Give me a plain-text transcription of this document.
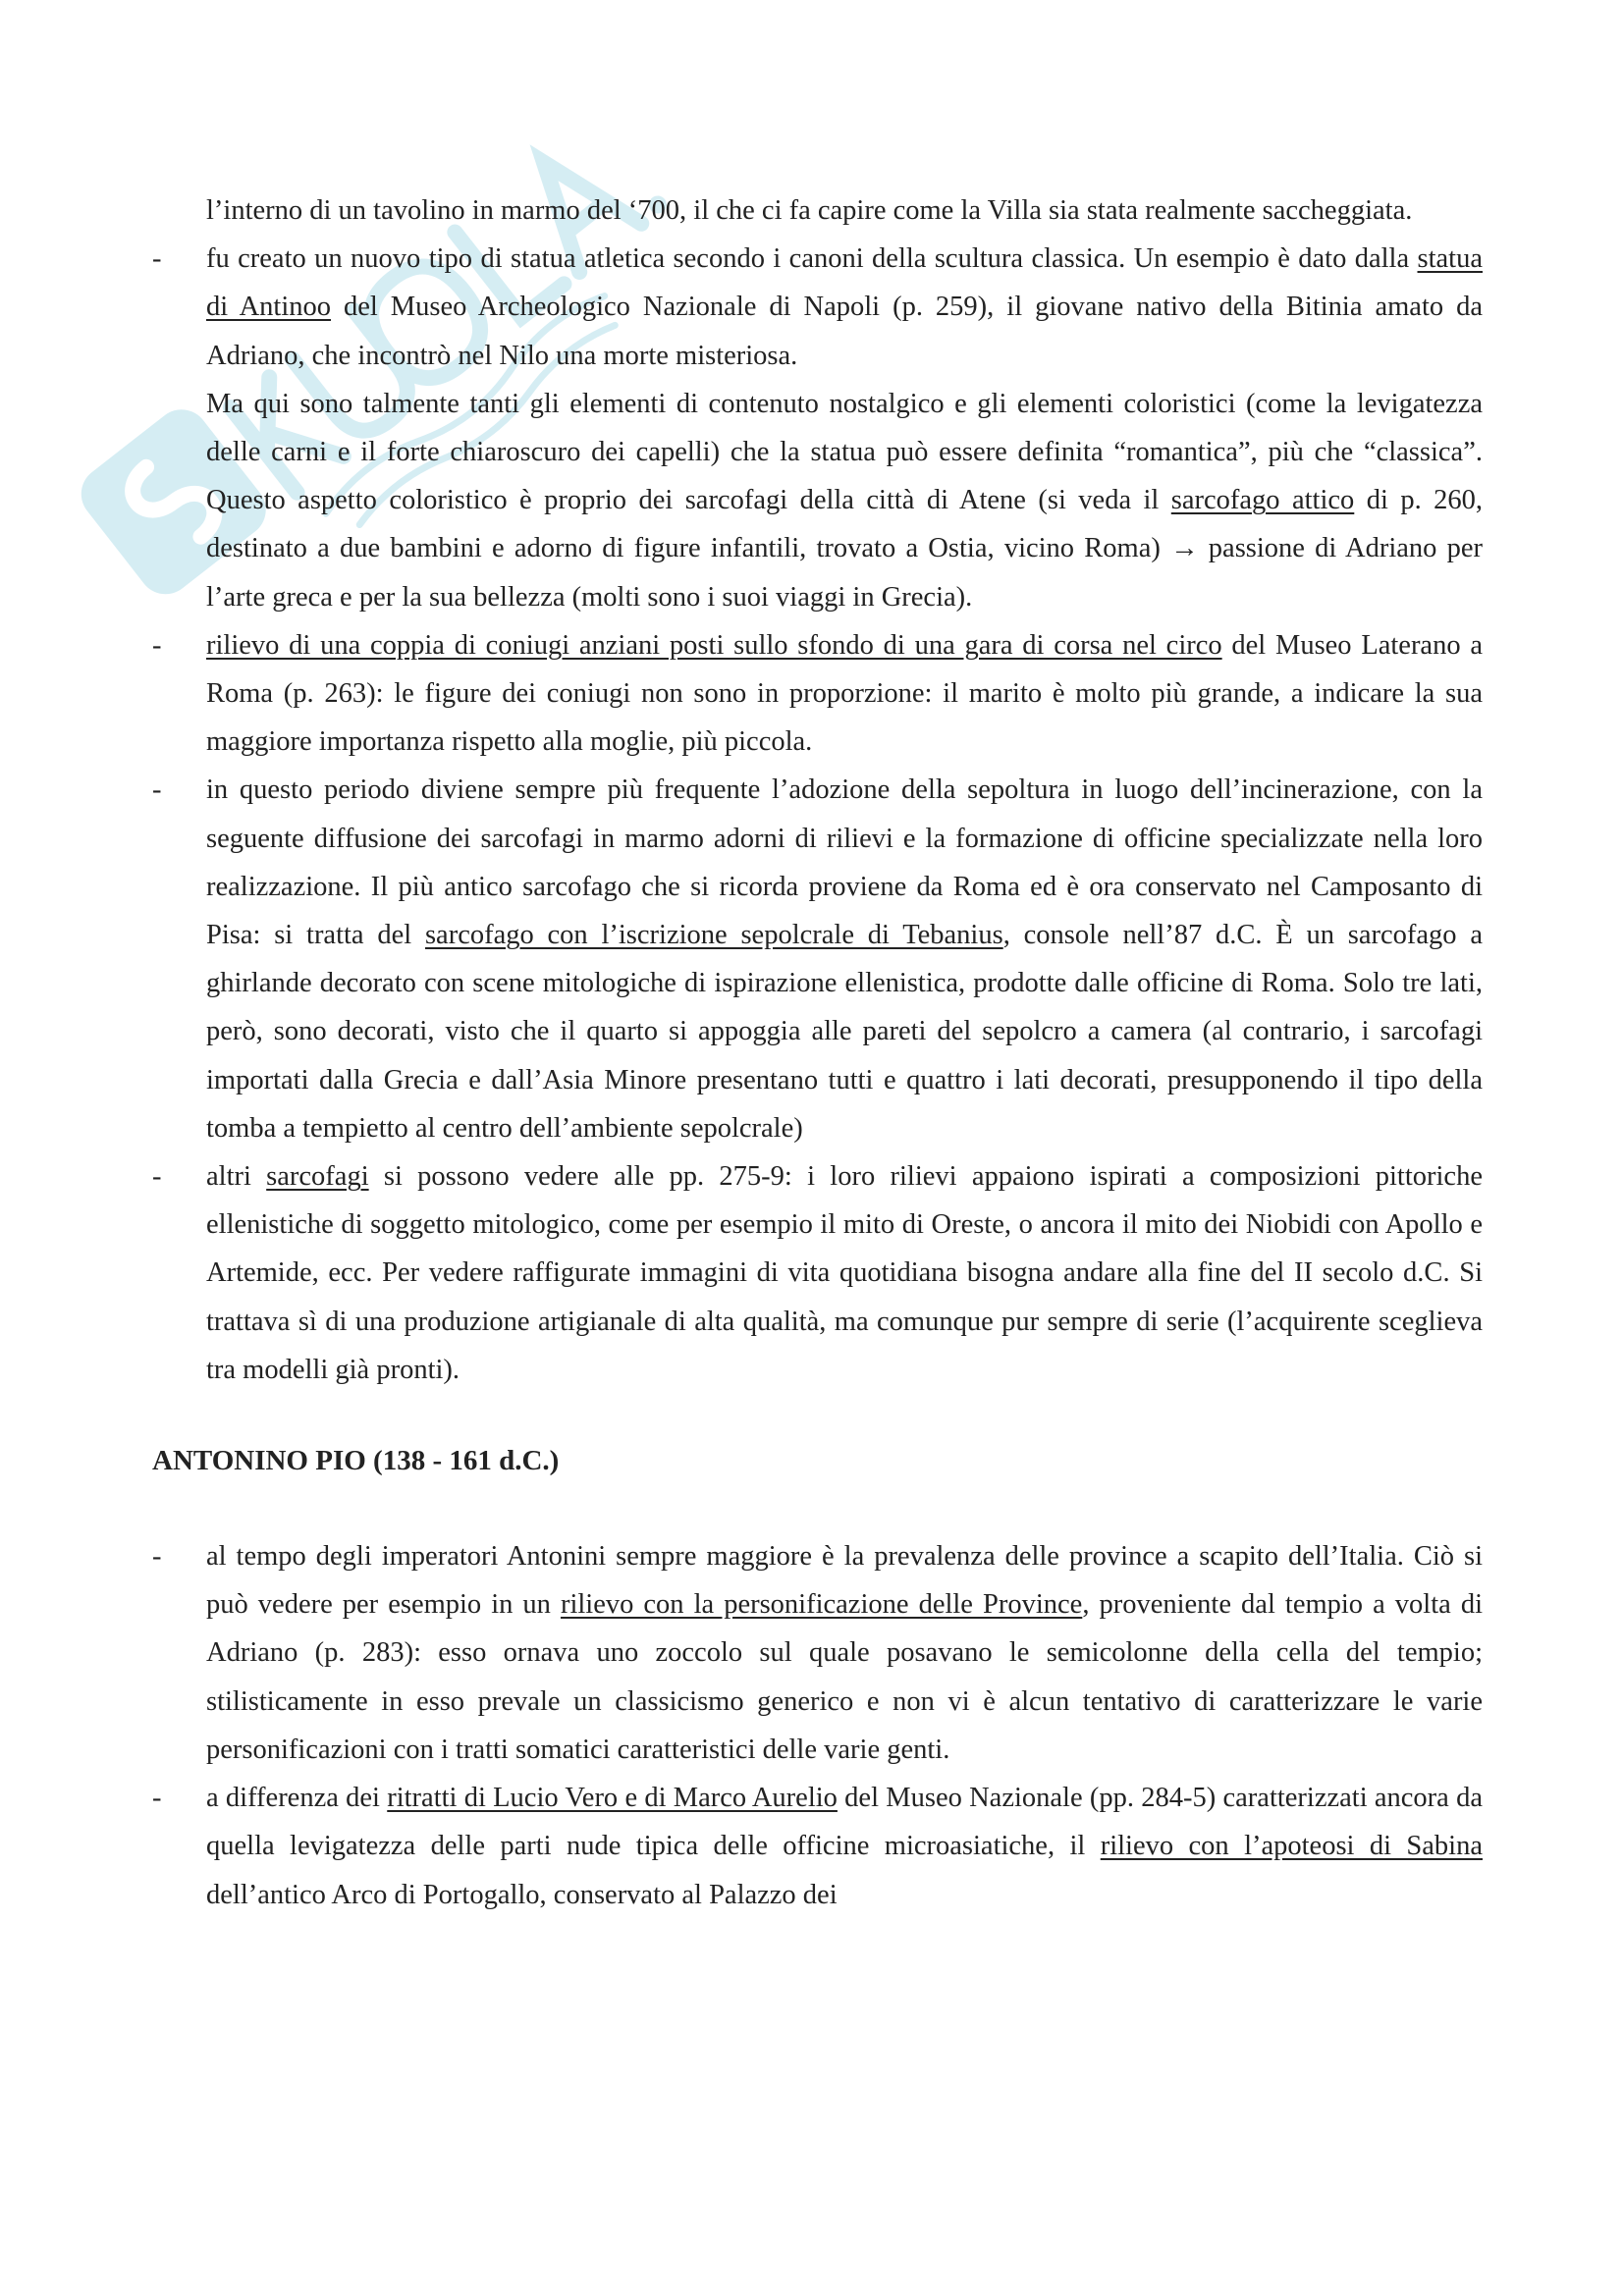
l’interno di un tavolino in marmo del ‘700, il che ci fa capire come la Villa sia stata realmente saccheggiata.

- fu creato un nuovo tipo di statua atletica secondo i canoni della scultura classica. Un esempio è dato dalla statua di Antinoo del Museo Archeologico Nazionale di Napoli (p. 259), il giovane nativo della Bitinia amato da Adriano, che incontrò nel Nilo una morte misteriosa.

Ma qui sono talmente tanti gli elementi di contenuto nostalgico e gli elementi coloristici (come la levigatezza delle carni e il forte chiaroscuro dei capelli) che la statua può essere definita “romantica”, più che “classica”. Questo aspetto coloristico è proprio dei sarcofagi della città di Atene (si veda il sarcofago attico di p. 260, destinato a due bambini e adorno di figure infantili, trovato a Ostia, vicino Roma) → passione di Adriano per l’arte greca e per la sua bellezza (molti sono i suoi viaggi in Grecia).

- rilievo di una coppia di coniugi anziani posti sullo sfondo di una gara di corsa nel circo del Museo Laterano a Roma (p. 263): le figure dei coniugi non sono in proporzione: il marito è molto più grande, a indicare la sua maggiore importanza rispetto alla moglie, più piccola.

- in questo periodo diviene sempre più frequente l’adozione della sepoltura in luogo dell’incinerazione, con la seguente diffusione dei sarcofagi in marmo adorni di rilievi e la formazione di officine specializzate nella loro realizzazione. Il più antico sarcofago che si ricorda proviene da Roma ed è ora conservato nel Camposanto di Pisa: si tratta del sarcofago con l’iscrizione sepolcrale di Tebanius, console nell’87 d.C. È un sarcofago a ghirlande decorato con scene mitologiche di ispirazione ellenistica, prodotte dalle officine di Roma. Solo tre lati, però, sono decorati, visto che il quarto si appoggia alle pareti del sepolcro a camera (al contrario, i sarcofagi importati dalla Grecia e dall’Asia Minore presentano tutti e quattro i lati decorati, presupponendo il tipo della tomba a tempietto al centro dell’ambiente sepolcrale)

- altri sarcofagi si possono vedere alle pp. 275-9: i loro rilievi appaiono ispirati a composizioni pittoriche ellenistiche di soggetto mitologico, come per esempio il mito di Oreste, o ancora il mito dei Niobidi con Apollo e Artemide, ecc. Per vedere raffigurate immagini di vita quotidiana bisogna andare alla fine del II secolo d.C. Si trattava sì di una produzione artigianale di alta qualità, ma comunque pur sempre di serie (l’acquirente sceglieva tra modelli già pronti).

ANTONINO PIO (138 - 161 d.C.)

- al tempo degli imperatori Antonini sempre maggiore è la prevalenza delle province a scapito dell’Italia. Ciò si può vedere per esempio in un rilievo con la personificazione delle Province, proveniente dal tempio a volta di Adriano (p. 283): esso ornava uno zoccolo sul quale posavano le semicolonne della cella del tempio; stilisticamente in esso prevale un classicismo generico e non vi è alcun tentativo di caratterizzare le varie personificazioni con i tratti somatici caratteristici delle varie genti.

- a differenza dei ritratti di Lucio Vero e di Marco Aurelio del Museo Nazionale (pp. 284-5) caratterizzati ancora da quella levigatezza delle parti nude tipica delle officine microasiatiche, il rilievo con l’apoteosi di Sabina dell’antico Arco di Portogallo, conservato al Palazzo dei
